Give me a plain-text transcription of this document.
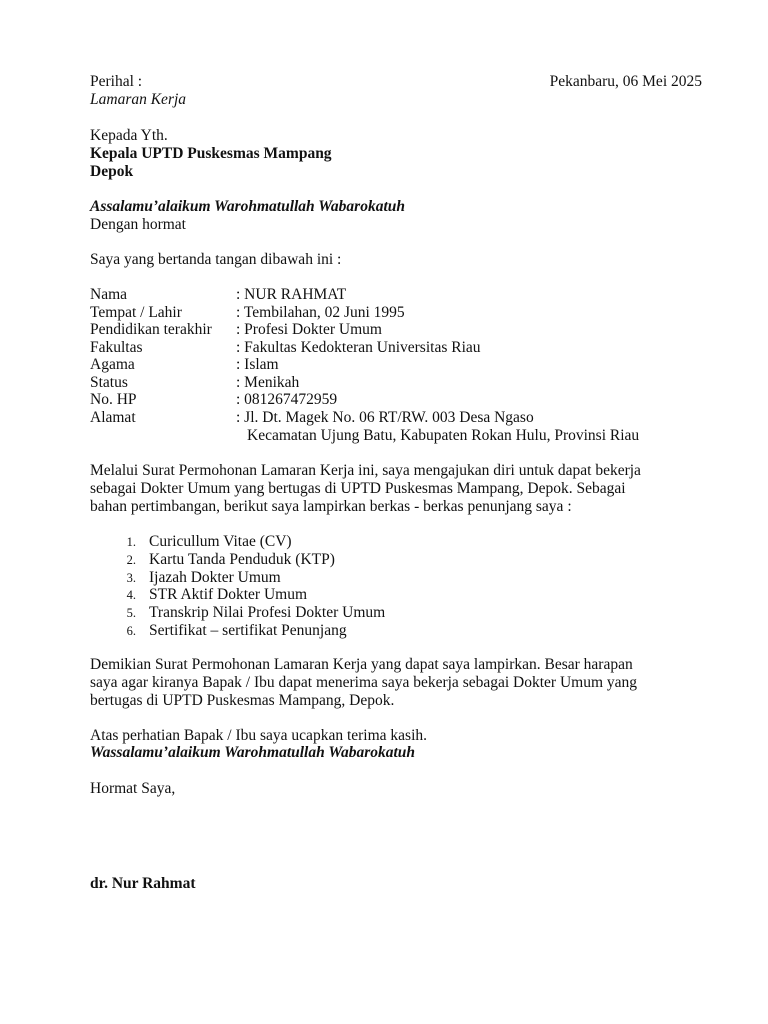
Perihal :	Pekanbaru, 06 Mei 2025
Lamaran Kerja
Kepada Yth.
Kepala UPTD Puskesmas Mampang
Depok
Assalamu’alaikum Warohmatullah Wabarokatuh
Dengan hormat
Saya yang bertanda tangan dibawah ini :
Nama	: NUR RAHMAT
Tempat / Lahir	: Tembilahan, 02 Juni 1995
Pendidikan terakhir : Profesi Dokter Umum
Fakultas	: Fakultas Kedokteran Universitas Riau
Agama	: Islam
Status	: Menikah
No. HP	: 081267472959
Alamat	: Jl. Dt. Magek No. 06 RT/RW. 003 Desa Ngaso
Kecamatan Ujung Batu, Kabupaten Rokan Hulu, Provinsi Riau
Melalui Surat Permohonan Lamaran Kerja ini, saya mengajukan diri untuk dapat bekerja
sebagai Dokter Umum yang bertugas di UPTD Puskesmas Mampang, Depok. Sebagai
bahan pertimbangan, berikut saya lampirkan berkas - berkas penunjang saya :
1. Curicullum Vitae (CV)
2. Kartu Tanda Penduduk (KTP)
3. Ijazah Dokter Umum
4. STR Aktif Dokter Umum
5. Transkrip Nilai Profesi Dokter Umum
6. Sertifikat – sertifikat Penunjang
Demikian Surat Permohonan Lamaran Kerja yang dapat saya lampirkan. Besar harapan
saya agar kiranya Bapak / Ibu dapat menerima saya bekerja sebagai Dokter Umum yang
bertugas di UPTD Puskesmas Mampang, Depok.
Atas perhatian Bapak / Ibu saya ucapkan terima kasih.
Wassalamu’alaikum Warohmatullah Wabarokatuh
Hormat Saya,
dr. Nur Rahmat
